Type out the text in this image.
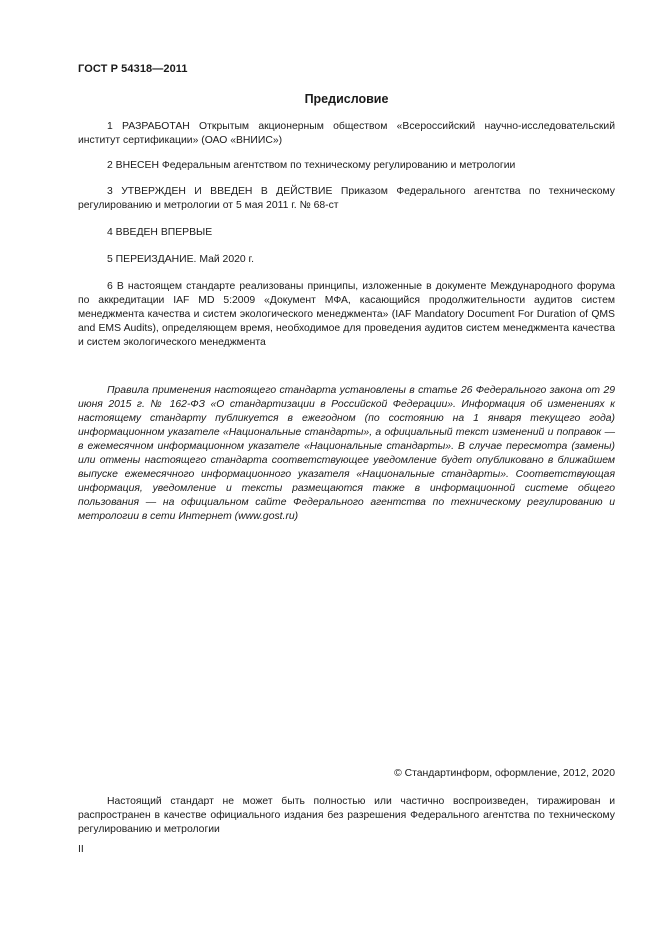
ГОСТ Р 54318—2011
Предисловие

1 РАЗРАБОТАН Открытым акционерным обществом «Всероссийский научно-исследовательский институт сертификации» (ОАО «ВНИИС»)

2 ВНЕСЕН Федеральным агентством по техническому регулированию и метрологии

3 УТВЕРЖДЕН И ВВЕДЕН В ДЕЙСТВИЕ Приказом Федерального агентства по техническому регулированию и метрологии от 5 мая 2011 г. № 68-ст

4 ВВЕДЕН ВПЕРВЫЕ

5 ПЕРЕИЗДАНИЕ. Май 2020 г.

6 В настоящем стандарте реализованы принципы, изложенные в документе Международного форума по аккредитации IAF MD 5:2009 «Документ МФА, касающийся продолжительности аудитов систем менеджмента качества и систем экологического менеджмента» (IAF Mandatory Document For Duration of QMS and EMS Audits), определяющем время, необходимое для проведения аудитов систем менеджмента качества и систем экологического менеджмента

Правила применения настоящего стандарта установлены в статье 26 Федерального закона от 29 июня 2015 г. № 162-ФЗ «О стандартизации в Российской Федерации». Информация об изменениях к настоящему стандарту публикуется в ежегодном (по состоянию на 1 января текущего года) информационном указателе «Национальные стандарты», а официальный текст изменений и поправок — в ежемесячном информационном указателе «Национальные стандарты». В случае пересмотра (замены) или отмены настоящего стандарта соответствующее уведомление будет опубликовано в ближайшем выпуске ежемесячного информационного указателя «Национальные стандарты». Соответствующая информация, уведомление и тексты размещаются также в информационной системе общего пользования — на официальном сайте Федерального агентства по техническому регулированию и метрологии в сети Интернет (www.gost.ru)

© Стандартинформ, оформление, 2012, 2020

Настоящий стандарт не может быть полностью или частично воспроизведен, тиражирован и распространен в качестве официального издания без разрешения Федерального агентства по техническому регулированию и метрологии

II
